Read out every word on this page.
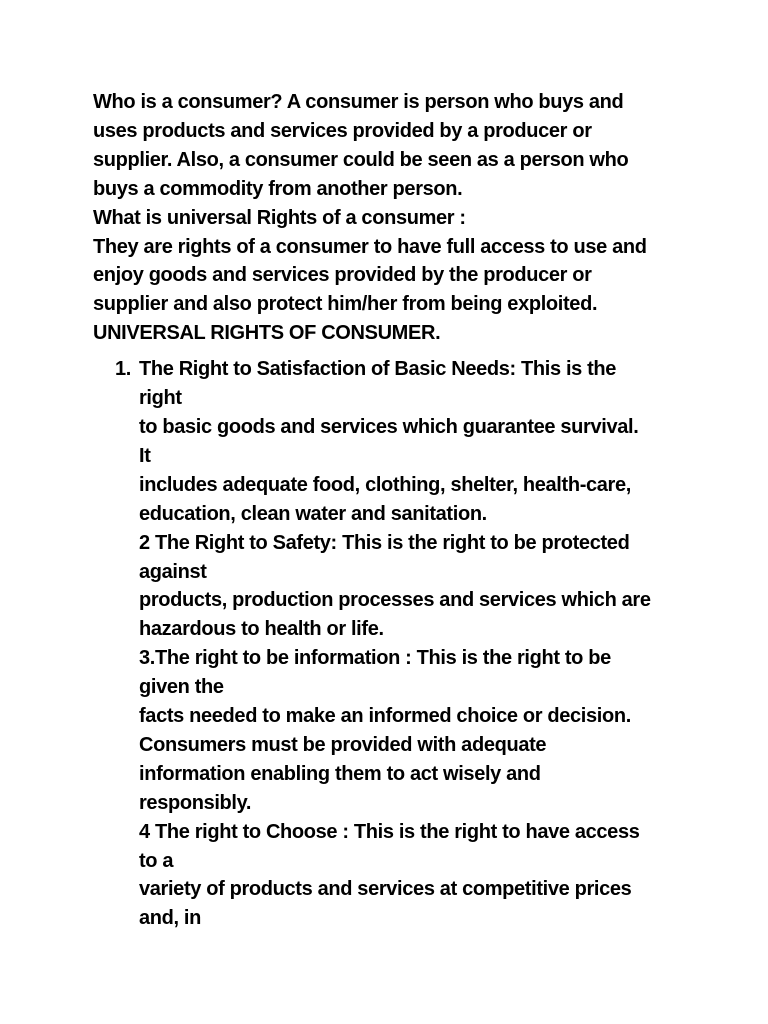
Who is a consumer? A consumer is person who buys and
uses products and services provided by a producer or
supplier. Also, a consumer could be seen as a person who
buys a commodity from another person.
What is universal Rights of a consumer :
They are rights of a consumer to have full access to use and
enjoy goods and services provided by the producer or
supplier and also protect him/her from being exploited.
UNIVERSAL RIGHTS OF CONSUMER.
1. The Right to Satisfaction of Basic Needs: This is the
right
to basic goods and services which guarantee survival.
It
includes adequate food, clothing, shelter, health-care,
education, clean water and sanitation.
2 The Right to Safety: This is the right to be protected
against
products, production processes and services which are
hazardous to health or life.
3.The right to be information : This is the right to be
given the
facts needed to make an informed choice or decision.
Consumers must be provided with adequate
information enabling them to act wisely and
responsibly.
4 The right to Choose : This is the right to have access
to a
variety of products and services at competitive prices
and, in
